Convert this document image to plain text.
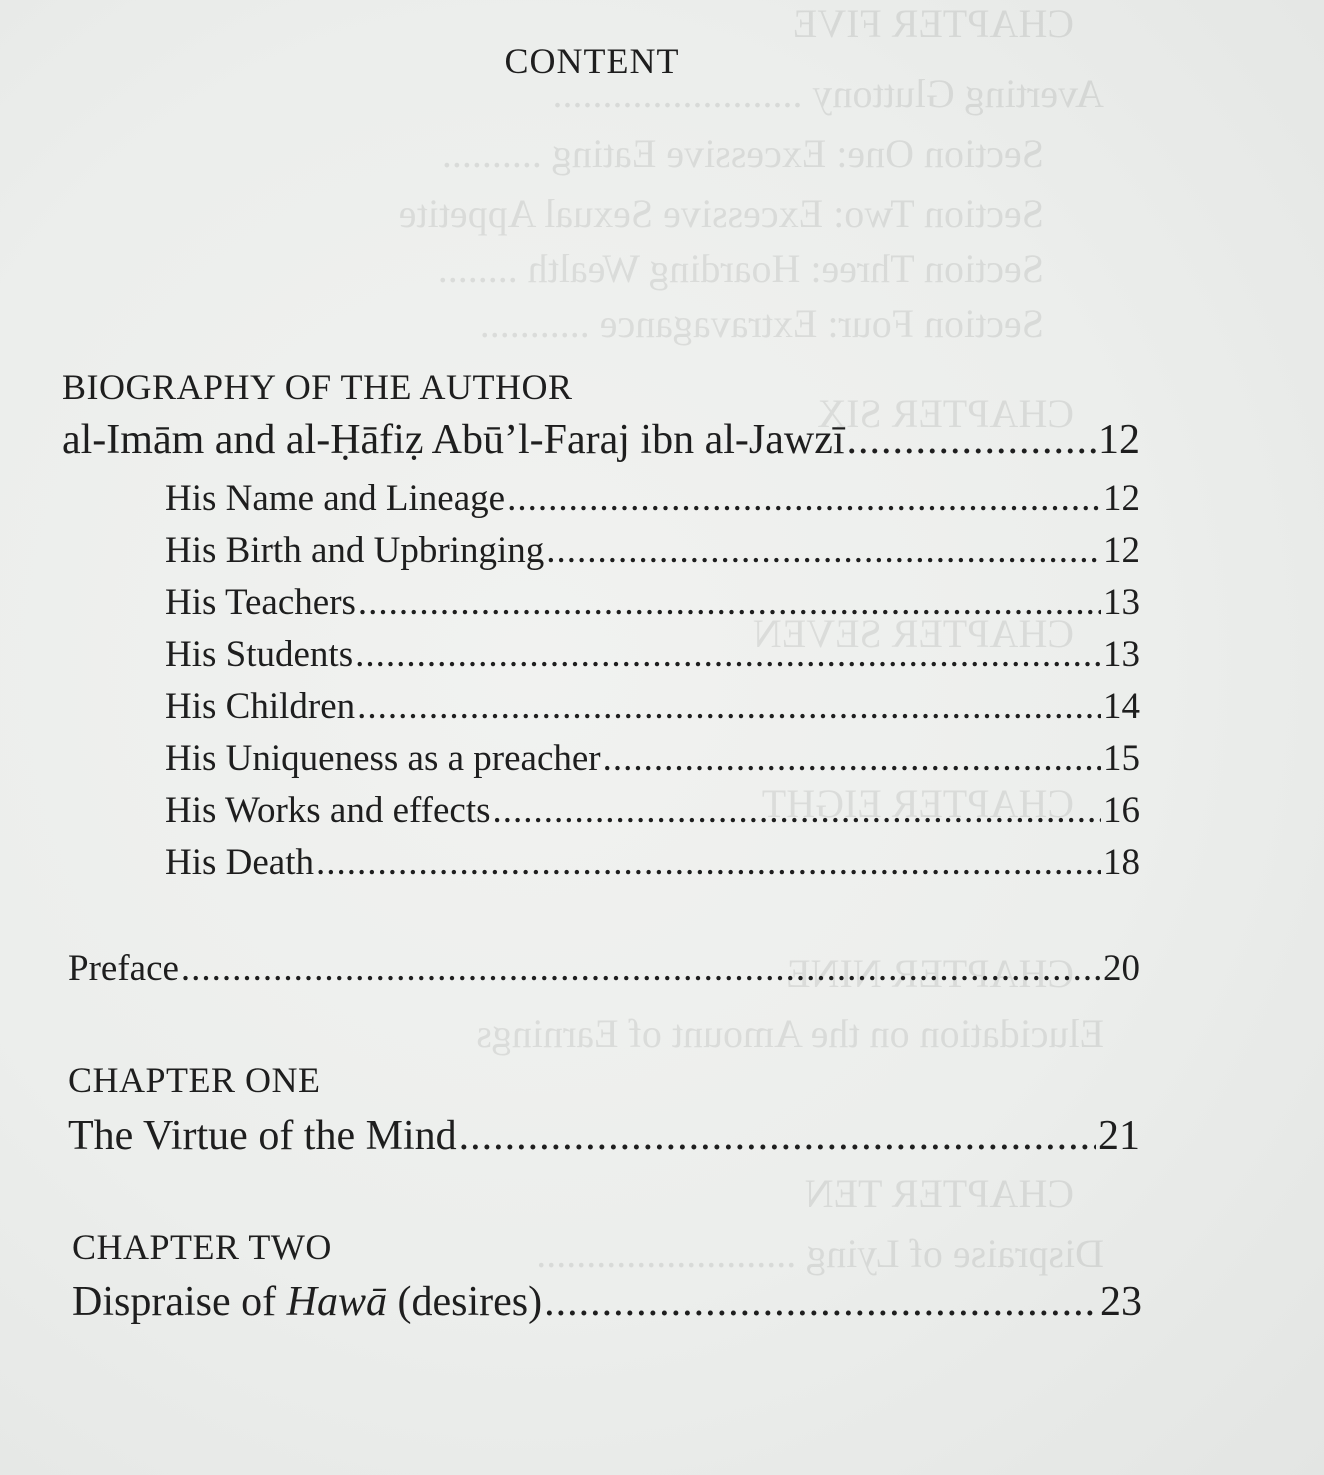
CHAPTER FIVE
Averting Gluttony .........................
Section One: Excessive Eating ..........
Section Two: Excessive Sexual Appetite
Section Three: Hoarding Wealth ........
Section Four: Extravagance ...........
CHAPTER SIX
CHAPTER SEVEN
CHAPTER EIGHT
CHAPTER NINE
Elucidation on the Amount of Earnings
CHAPTER TEN
Dispraise of Lying ..........................
CONTENT
BIOGRAPHY OF THE AUTHOR
al-Imām and al-Ḥāfiẓ Abū’l-Faraj ibn al-Jawzī .....	12
His Name and Lineage .....	12
His Birth and Upbringing .....	12
His Teachers .....	13
His Students .....	13
His Children .....	14
His Uniqueness as a preacher .....	15
His Works and effects .....	16
His Death .....	18
Preface .....	20
CHAPTER ONE
The Virtue of the Mind .....	21
CHAPTER TWO
Dispraise of Hawā (desires) .....	23
